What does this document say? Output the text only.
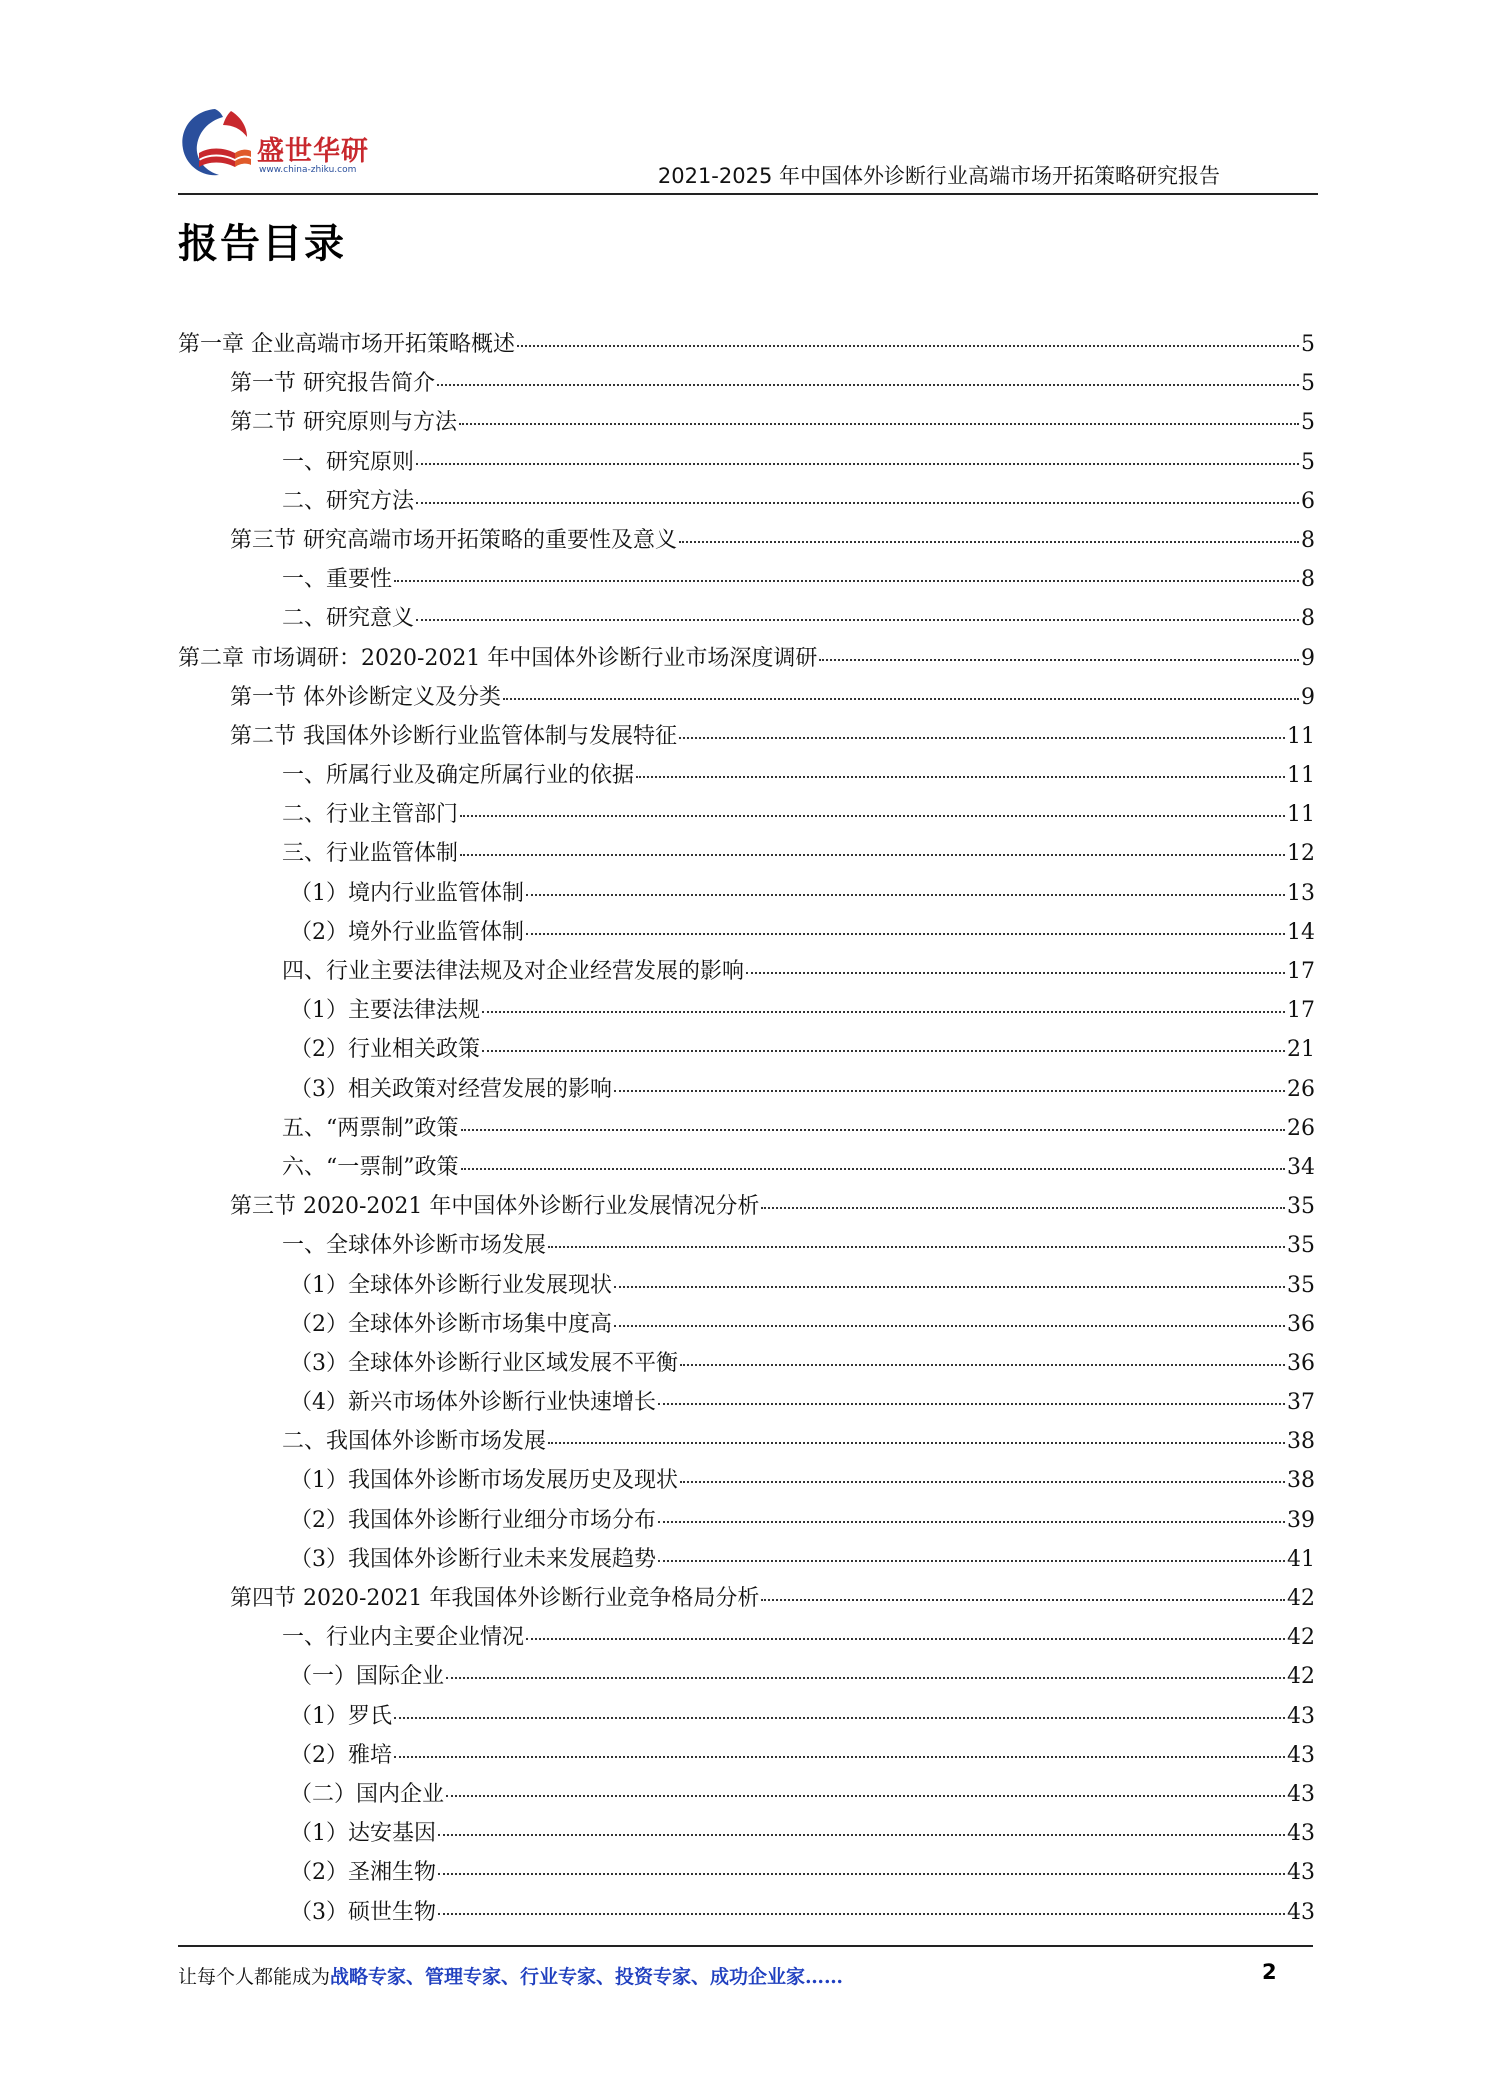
盛世华研
www.china-zhiku.com	2021-2025 年中国体外诊断行业高端市场开拓策略研究报告
报告目录
第一章 企业高端市场开拓策略概述	5
第一节 研究报告简介	5
第二节 研究原则与方法	5
一、研究原则	5
二、研究方法	6
第三节 研究高端市场开拓策略的重要性及意义	8
一、重要性	8
二、研究意义	8
第二章 市场调研：2020-2021 年中国体外诊断行业市场深度调研	9
第一节 体外诊断定义及分类	9
第二节 我国体外诊断行业监管体制与发展特征	11
一、所属行业及确定所属行业的依据	11
二、行业主管部门	11
三、行业监管体制	12
（1）境内行业监管体制	13
（2）境外行业监管体制	14
四、行业主要法律法规及对企业经营发展的影响	17
（1）主要法律法规	17
（2）行业相关政策	21
（3）相关政策对经营发展的影响	26
五、“两票制”政策	26
六、“一票制”政策	34
第三节 2020-2021 年中国体外诊断行业发展情况分析	35
一、全球体外诊断市场发展	35
（1）全球体外诊断行业发展现状	35
（2）全球体外诊断市场集中度高	36
（3）全球体外诊断行业区域发展不平衡	36
（4）新兴市场体外诊断行业快速增长	37
二、我国体外诊断市场发展	38
（1）我国体外诊断市场发展历史及现状	38
（2）我国体外诊断行业细分市场分布	39
（3）我国体外诊断行业未来发展趋势	41
第四节 2020-2021 年我国体外诊断行业竞争格局分析	42
一、行业内主要企业情况	42
（一）国际企业	42
（1）罗氏	43
（2）雅培	43
（二）国内企业	43
（1）达安基因	43
（2）圣湘生物	43
（3）硕世生物	43
让每个人都能成为战略专家、管理专家、行业专家、投资专家、成功企业家……	2
